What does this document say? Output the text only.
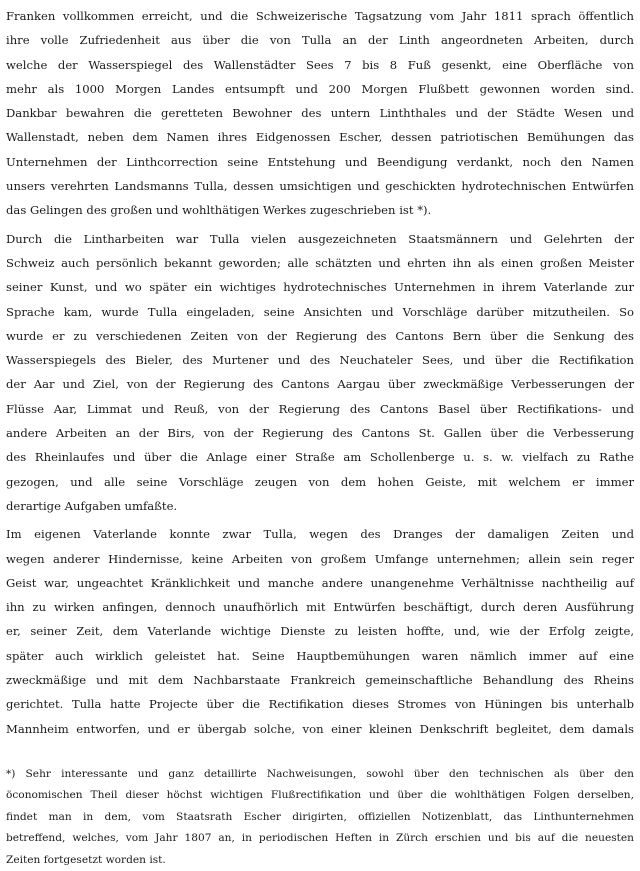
Franken vollkommen erreicht, und die Schweizerische Tagsatzung vom Jahr 1811 sprach öffentlich
ihre volle Zufriedenheit aus über die von Tulla an der Linth angeordneten Arbeiten, durch
welche der Wasserspiegel des Wallenstädter Sees 7 bis 8 Fuß gesenkt, eine Oberfläche von
mehr als 1000 Morgen Landes entsumpft und 200 Morgen Flußbett gewonnen worden sind.
Dankbar bewahren die geretteten Bewohner des untern Linththales und der Städte Wesen und
Wallenstadt, neben dem Namen ihres Eidgenossen Escher, dessen patriotischen Bemühungen das
Unternehmen der Linthcorrection seine Entstehung und Beendigung verdankt, noch den Namen
unsers verehrten Landsmanns Tulla, dessen umsichtigen und geschickten hydrotechnischen Entwürfen
das Gelingen des großen und wohlthätigen Werkes zugeschrieben ist *).
Durch die Lintharbeiten war Tulla vielen ausgezeichneten Staatsmännern und Gelehrten der
Schweiz auch persönlich bekannt geworden; alle schätzten und ehrten ihn als einen großen Meister
seiner Kunst, und wo später ein wichtiges hydrotechnisches Unternehmen in ihrem Vaterlande zur
Sprache kam, wurde Tulla eingeladen, seine Ansichten und Vorschläge darüber mitzutheilen. So
wurde er zu verschiedenen Zeiten von der Regierung des Cantons Bern über die Senkung des
Wasserspiegels des Bieler, des Murtener und des Neuchateler Sees, und über die Rectifikation
der Aar und Ziel, von der Regierung des Cantons Aargau über zweckmäßige Verbesserungen der
Flüsse Aar, Limmat und Reuß, von der Regierung des Cantons Basel über Rectifikations- und
andere Arbeiten an der Birs, von der Regierung des Cantons St. Gallen über die Verbesserung
des Rheinlaufes und über die Anlage einer Straße am Schollenberge u. s. w. vielfach zu Rathe
gezogen, und alle seine Vorschläge zeugen von dem hohen Geiste, mit welchem er immer
derartige Aufgaben umfaßte.
Im eigenen Vaterlande konnte zwar Tulla, wegen des Dranges der damaligen Zeiten und
wegen anderer Hindernisse, keine Arbeiten von großem Umfange unternehmen; allein sein reger
Geist war, ungeachtet Kränklichkeit und manche andere unangenehme Verhältnisse nachtheilig auf
ihn zu wirken anfingen, dennoch unaufhörlich mit Entwürfen beschäftigt, durch deren Ausführung
er, seiner Zeit, dem Vaterlande wichtige Dienste zu leisten hoffte, und, wie der Erfolg zeigte,
später auch wirklich geleistet hat. Seine Hauptbemühungen waren nämlich immer auf eine
zweckmäßige und mit dem Nachbarstaate Frankreich gemeinschaftliche Behandlung des Rheins
gerichtet. Tulla hatte Projecte über die Rectifikation dieses Stromes von Hüningen bis unterhalb
Mannheim entworfen, und er übergab solche, von einer kleinen Denkschrift begleitet, dem damals
*) Sehr interessante und ganz detaillirte Nachweisungen, sowohl über den technischen als über den
öconomischen Theil dieser höchst wichtigen Flußrectifikation und über die wohlthätigen Folgen derselben,
findet man in dem, vom Staatsrath Escher dirigirten, offiziellen Notizenblatt, das Linthunternehmen
betreffend, welches, vom Jahr 1807 an, in periodischen Heften in Zürch erschien und bis auf die neuesten
Zeiten fortgesetzt worden ist.
